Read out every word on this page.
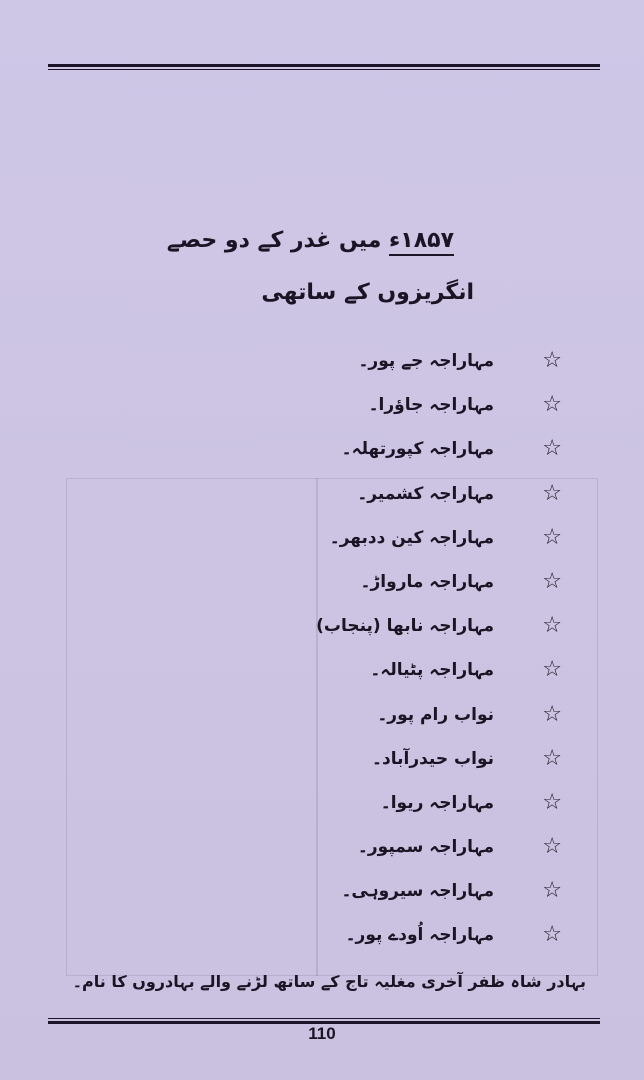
۱۸۵۷ء میں غدر کے دو حصے
انگریزوں کے ساتھی
☆
مہاراجہ جے پور۔
☆
مہاراجہ جاؤرا۔
☆
مہاراجہ کپورتھلہ۔
☆
مہاراجہ کشمیر۔
☆
مہاراجہ کین ددبھر۔
☆
مہاراجہ مارواڑ۔
☆
مہاراجہ نابھا (پنجاب)
☆
مہاراجہ پٹیالہ۔
☆
نواب رام پور۔
☆
نواب حیدرآباد۔
☆
مہاراجہ ریوا۔
☆
مہاراجہ سمپور۔
☆
مہاراجہ سیروہی۔
☆
مہاراجہ اُودے پور۔
بہادر شاہ ظفر آخری مغلیہ تاج کے ساتھ لڑنے والے بہادروں کا نام۔
110
